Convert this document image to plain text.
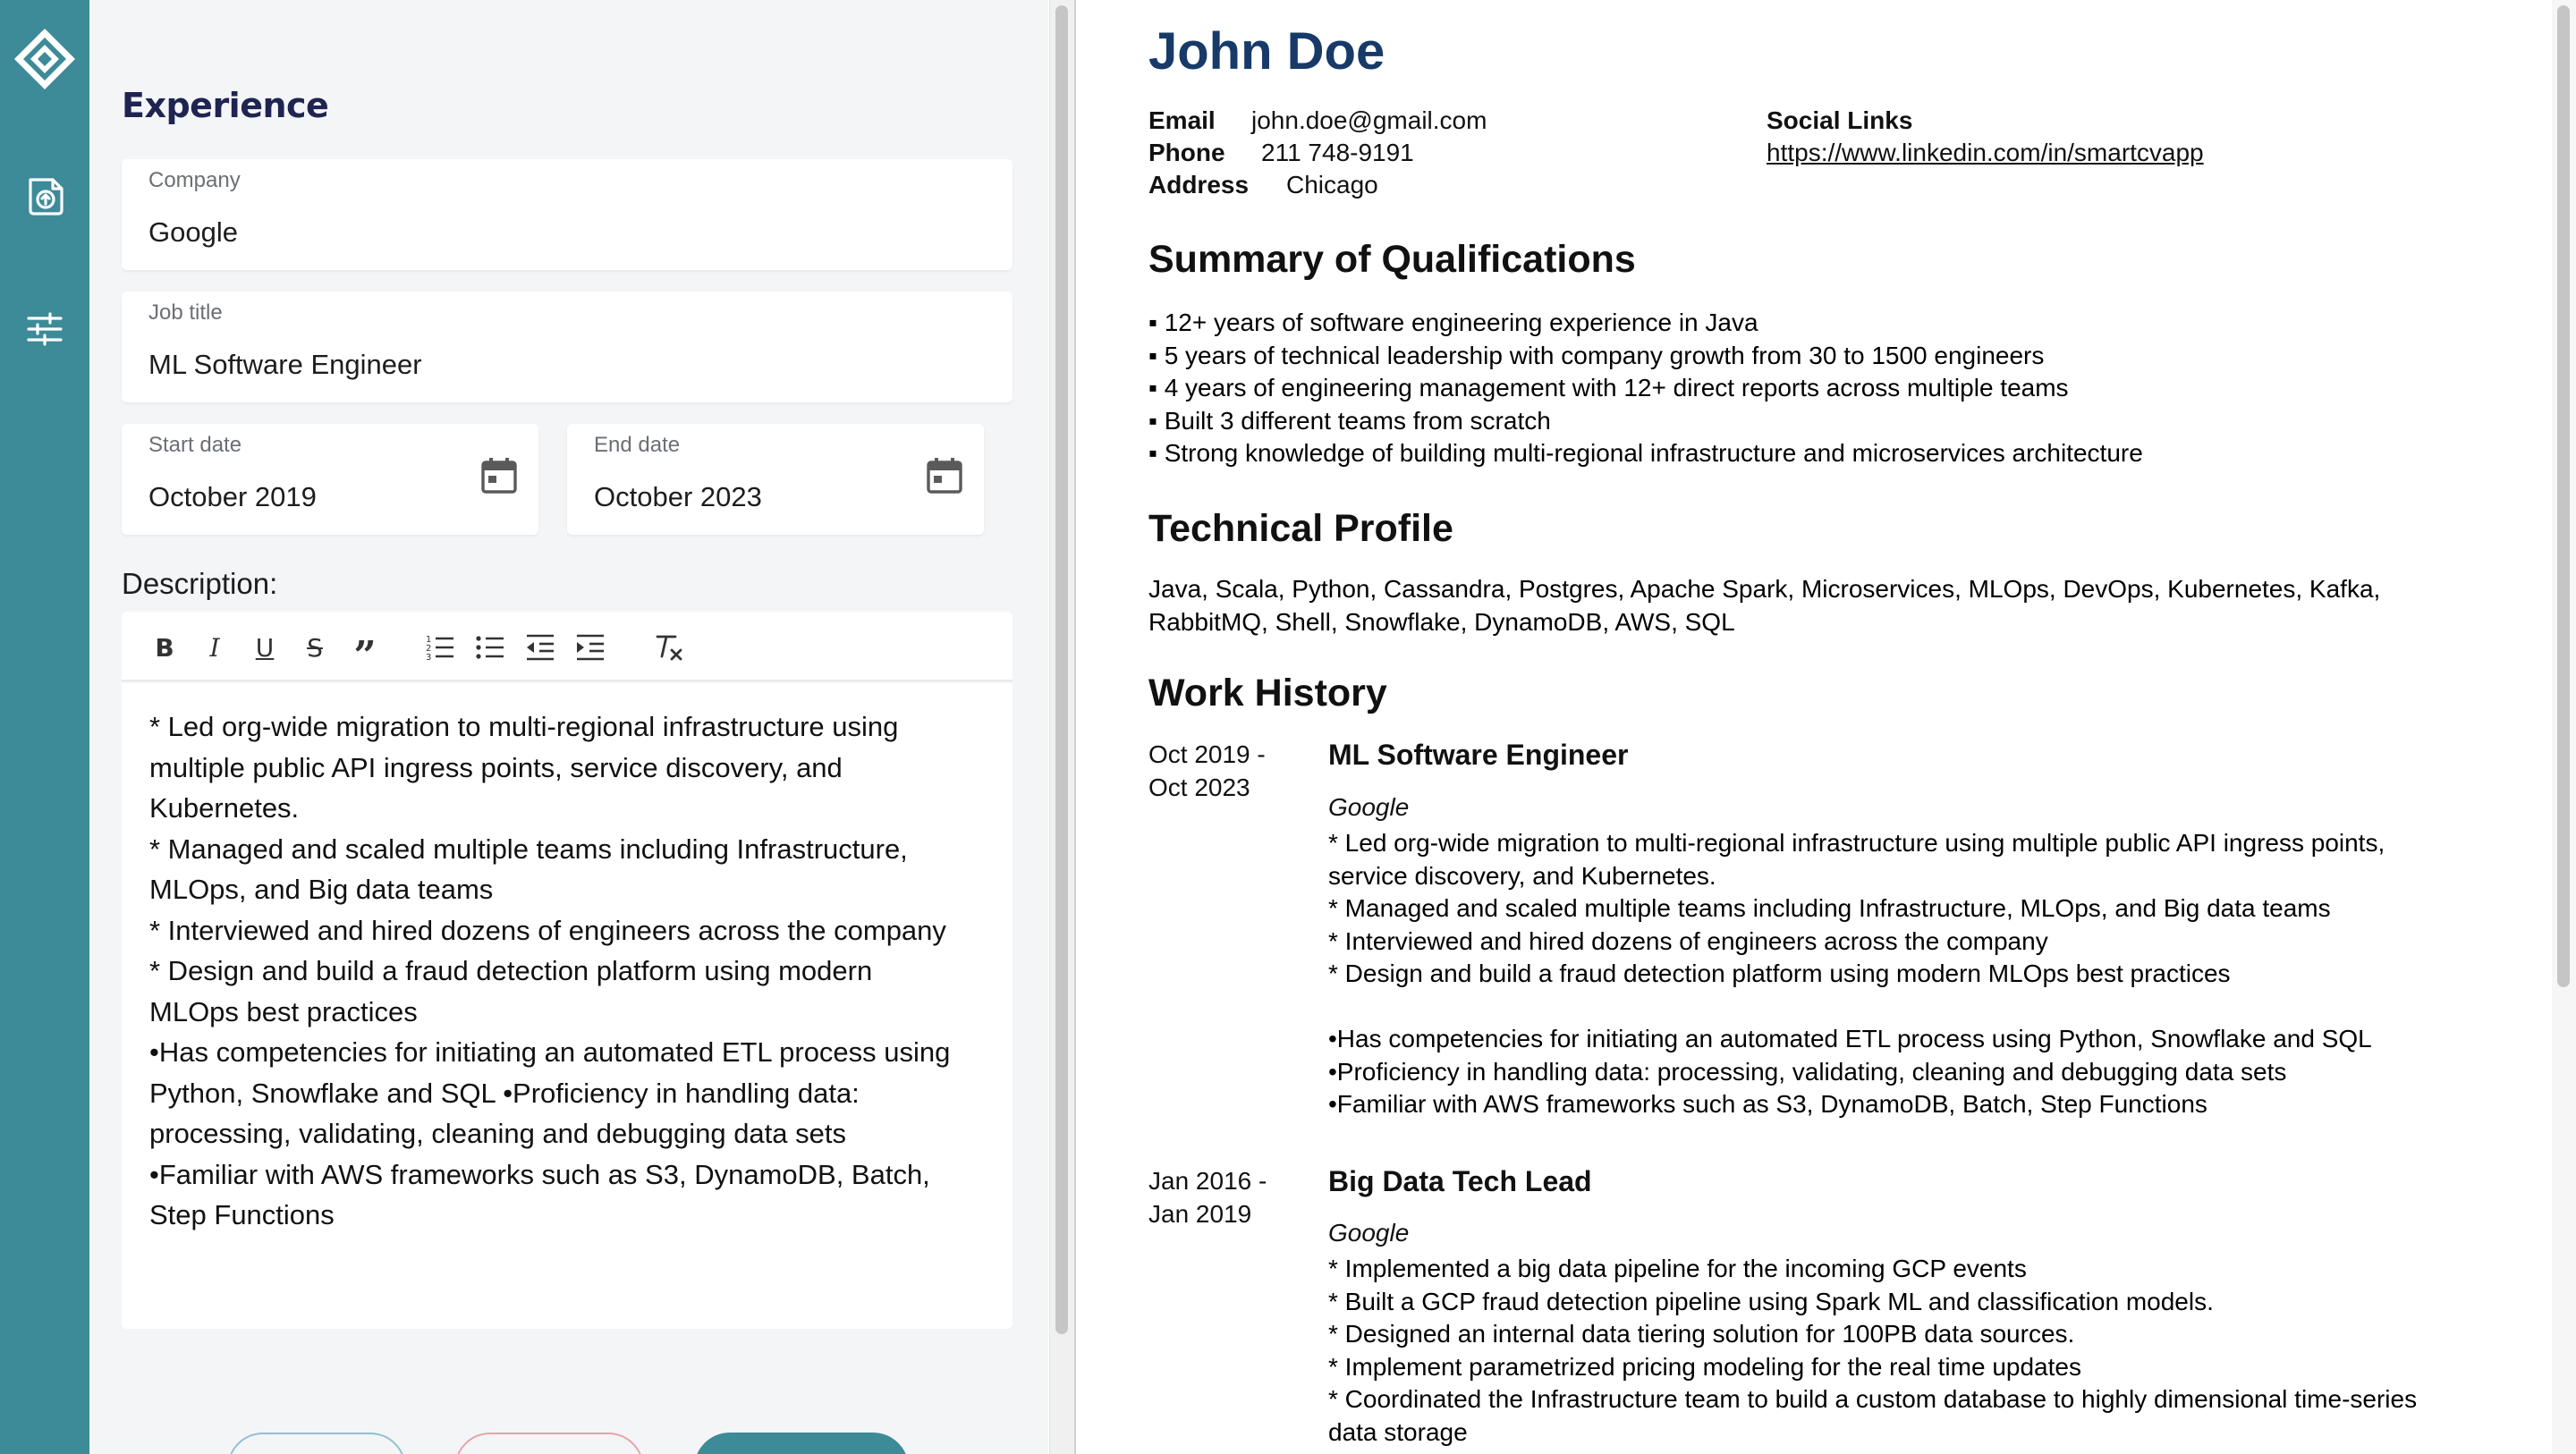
Experience
Company
Google
Job title
ML Software Engineer
Start date
October 2019
End date
October 2023
Description:
B	I	U	S ”	1
2
3

* Led org-wide migration to multi-regional infrastructure using

multiple public API ingress points, service discovery, and

Kubernetes.

* Managed and scaled multiple teams including Infrastructure,

MLOps, and Big data teams

* Interviewed and hired dozens of engineers across the company

* Design and build a fraud detection platform using modern

MLOps best practices

•Has competencies for initiating an automated ETL process using

Python, Snowflake and SQL •Proficiency in handling data:

processing, validating, cleaning and debugging data sets

•Familiar with AWS frameworks such as S3, DynamoDB, Batch,

Step Functions

John Doe
Email john.doe@gmail.com
Phone 211 748-9191
Address Chicago
Social Links
https://www.linkedin.com/in/smartcvapp
Summary of Qualifications
▪ 12+ years of software engineering experience in Java
▪ 5 years of technical leadership with company growth from 30 to 1500 engineers
▪ 4 years of engineering management with 12+ direct reports across multiple teams
▪ Built 3 different teams from scratch
▪ Strong knowledge of building multi-regional infrastructure and microservices architecture
Technical Profile
Java, Scala, Python, Cassandra, Postgres, Apache Spark, Microservices, MLOps, DevOps, Kubernetes, Kafka,
RabbitMQ, Shell, Snowflake, DynamoDB, AWS, SQL
Work History
Oct 2019 -
Oct 2023
ML Software Engineer
Google
* Led org-wide migration to multi-regional infrastructure using multiple public API ingress points,
service discovery, and Kubernetes.
* Managed and scaled multiple teams including Infrastructure, MLOps, and Big data teams
* Interviewed and hired dozens of engineers across the company
* Design and build a fraud detection platform using modern MLOps best practices

•Has competencies for initiating an automated ETL process using Python, Snowflake and SQL
•Proficiency in handling data: processing, validating, cleaning and debugging data sets
•Familiar with AWS frameworks such as S3, DynamoDB, Batch, Step Functions
Jan 2016 -
Jan 2019
Big Data Tech Lead
Google
* Implemented a big data pipeline for the incoming GCP events
* Built a GCP fraud detection pipeline using Spark ML and classification models.
* Designed an internal data tiering solution for 100PB data sources.
* Implement parametrized pricing modeling for the real time updates
* Coordinated the Infrastructure team to build a custom database to highly dimensional time-series
data storage
